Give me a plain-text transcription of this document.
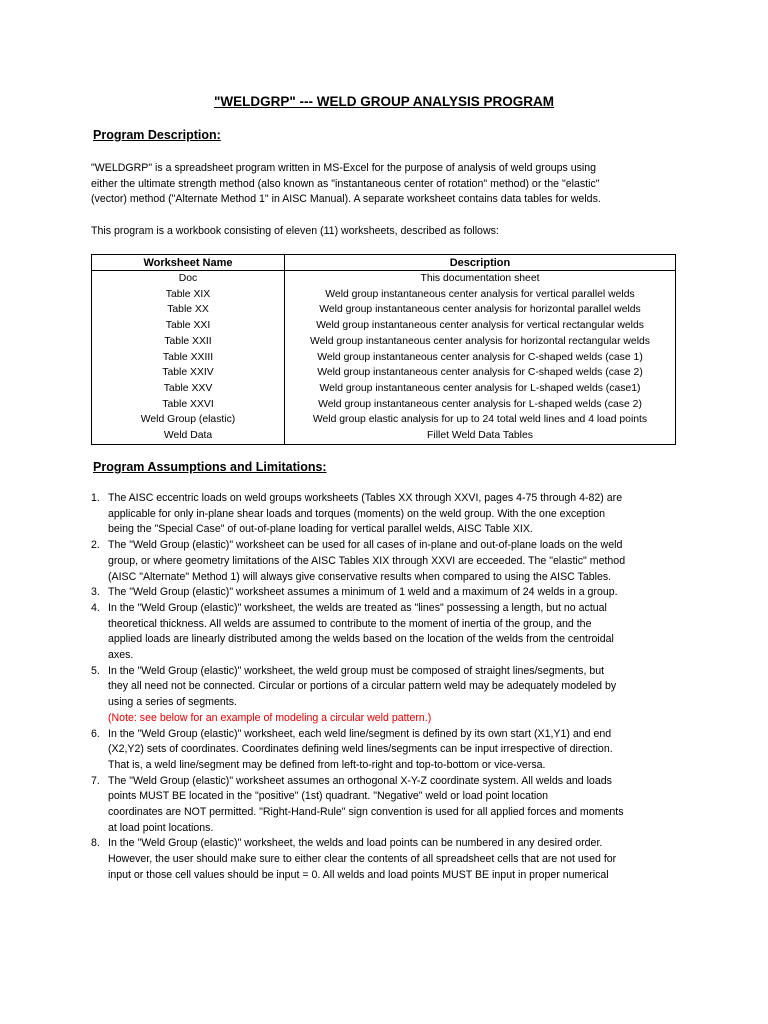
"WELDGRP" --- WELD GROUP ANALYSIS PROGRAM
Program Description:

"WELDGRP" is a spreadsheet program written in MS-Excel for the purpose of analysis of weld groups using
either the ultimate strength method (also known as "instantaneous center of rotation" method) or the "elastic"
(vector) method ("Alternate Method 1" in AISC Manual). A separate worksheet contains data tables for welds.

This program is a workbook consisting of eleven (11) worksheets, described as follows:

Worksheet Name	Description
Doc	This documentation sheet
Table XIX	Weld group instantaneous center analysis for vertical parallel welds
Table XX	Weld group instantaneous center analysis for horizontal parallel welds
Table XXI	Weld group instantaneous center analysis for vertical rectangular welds
Table XXII	Weld group instantaneous center analysis for horizontal rectangular welds
Table XXIII	Weld group instantaneous center analysis for C-shaped welds (case 1)
Table XXIV	Weld group instantaneous center analysis for C-shaped welds (case 2)
Table XXV	Weld group instantaneous center analysis for L-shaped welds (case1)
Table XXVI	Weld group instantaneous center analysis for L-shaped welds (case 2)
Weld Group (elastic)	Weld group elastic analysis for up to 24 total weld lines and 4 load points
Weld Data	Fillet Weld Data Tables
Program Assumptions and Limitations:
1. The AISC eccentric loads on weld groups worksheets (Tables XX through XXVI, pages 4-75 through 4-82) are
applicable for only in-plane shear loads and torques (moments) on the weld group. With the one exception
being the "Special Case" of out-of-plane loading for vertical parallel welds, AISC Table XIX.
2. The "Weld Group (elastic)" worksheet can be used for all cases of in-plane and out-of-plane loads on the weld
group, or where geometry limitations of the AISC Tables XIX through XXVI are ecceeded. The "elastic" method
(AISC "Alternate" Method 1) will always give conservative results when compared to using the AISC Tables.
3. The "Weld Group (elastic)" worksheet assumes a minimum of 1 weld and a maximum of 24 welds in a group.
4. In the "Weld Group (elastic)" worksheet, the welds are treated as "lines" possessing a length, but no actual
theoretical thickness. All welds are assumed to contribute to the moment of inertia of the group, and the
applied loads are linearly distributed among the welds based on the location of the welds from the centroidal
axes.
5. In the "Weld Group (elastic)" worksheet, the weld group must be composed of straight lines/segments, but
they all need not be connected. Circular or portions of a circular pattern weld may be adequately modeled by
using a series of segments.
(Note: see below for an example of modeling a circular weld pattern.)
6. In the "Weld Group (elastic)" worksheet, each weld line/segment is defined by its own start (X1,Y1) and end
(X2,Y2) sets of coordinates. Coordinates defining weld lines/segments can be input irrespective of direction.
That is, a weld line/segment may be defined from left-to-right and top-to-bottom or vice-versa.
7. The "Weld Group (elastic)" worksheet assumes an orthogonal X-Y-Z coordinate system. All welds and loads
points MUST BE located in the "positive" (1st) quadrant. "Negative" weld or load point location
coordinates are NOT permitted. "Right-Hand-Rule" sign convention is used for all applied forces and moments
at load point locations.
8. In the "Weld Group (elastic)" worksheet, the welds and load points can be numbered in any desired order.
However, the user should make sure to either clear the contents of all spreadsheet cells that are not used for
input or those cell values should be input = 0. All welds and load points MUST BE input in proper numerical
